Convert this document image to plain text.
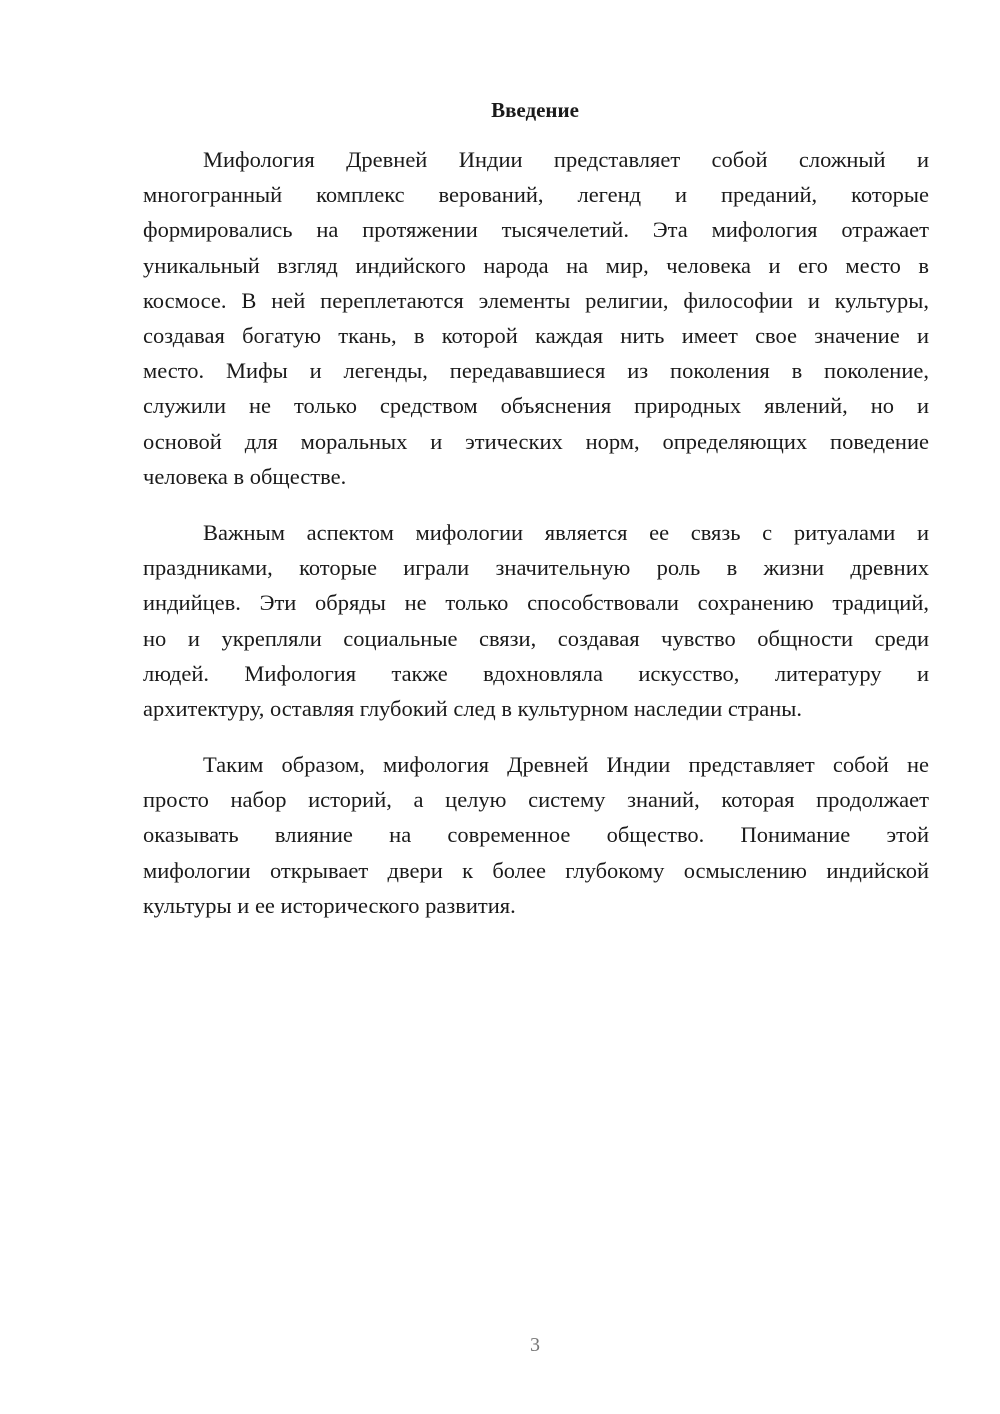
Введение
Мифология Древней Индии представляет собой сложный и
многогранный комплекс верований, легенд и преданий, которые
формировались на протяжении тысячелетий. Эта мифология отражает
уникальный взгляд индийского народа на мир, человека и его место в
космосе. В ней переплетаются элементы религии, философии и культуры,
создавая богатую ткань, в которой каждая нить имеет свое значение и
место. Мифы и легенды, передававшиеся из поколения в поколение,
служили не только средством объяснения природных явлений, но и
основой для моральных и этических норм, определяющих поведение
человека в обществе.
Важным аспектом мифологии является ее связь с ритуалами и
праздниками, которые играли значительную роль в жизни древних
индийцев. Эти обряды не только способствовали сохранению традиций,
но и укрепляли социальные связи, создавая чувство общности среди
людей. Мифология также вдохновляла искусство, литературу и
архитектуру, оставляя глубокий след в культурном наследии страны.
Таким образом, мифология Древней Индии представляет собой не
просто набор историй, а целую систему знаний, которая продолжает
оказывать влияние на современное общество. Понимание этой
мифологии открывает двери к более глубокому осмыслению индийской
культуры и ее исторического развития.
3
